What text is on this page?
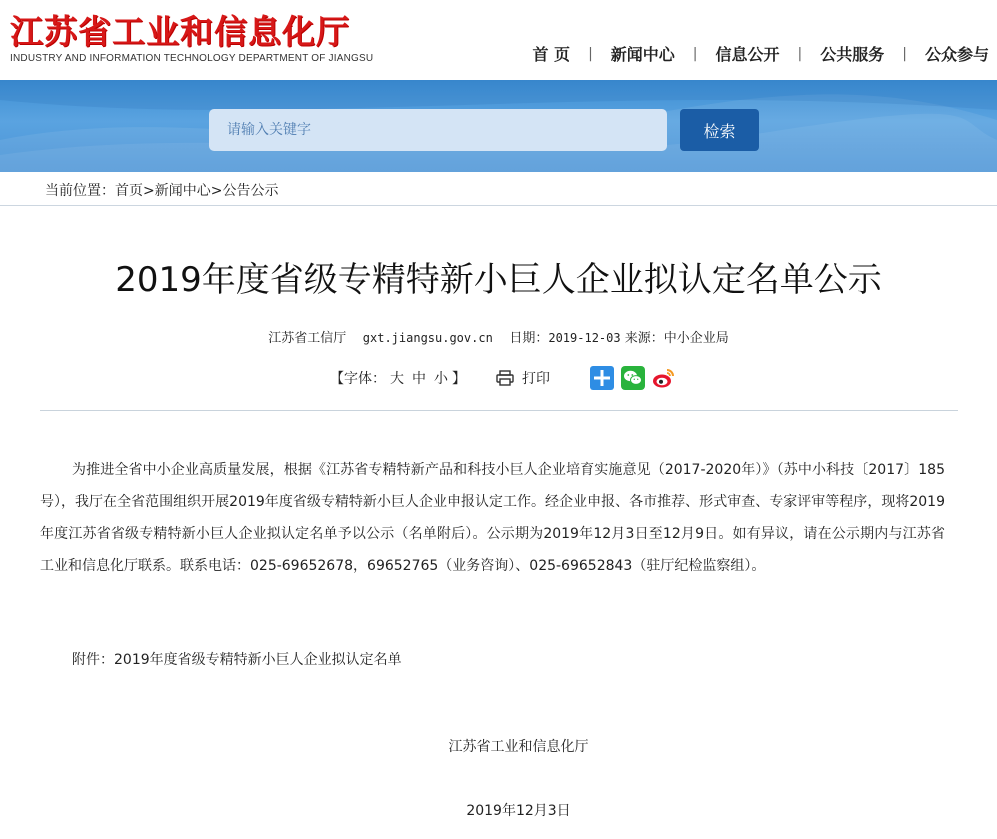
江苏省工业和信息化厅
INDUSTRY AND INFORMATION TECHNOLOGY DEPARTMENT OF JIANGSU	首 页 | 新闻中心 | 信息公开 | 公共服务 | 公众参与
请输入关键字
检索
当前位置：首页>新闻中心>公告公示
2019年度省级专精特新小巨人企业拟认定名单公示
江苏省工信厅 gxt.jiangsu.gov.cn 日期：2019-12-03 来源：中小企业局
【字体： 大 中 小 】	打印

为推进全省中小企业高质量发展，根据《江苏省专精特新产品和科技小巨人企业培育实施意见（2017-2020年）》（苏中小科技〔2017〕185号），我厅在全省范围组织开展2019年度省级专精特新小巨人企业申报认定工作。经企业申报、各市推荐、形式审查、专家评审等程序，现将2019年度江苏省省级专精特新小巨人企业拟认定名单予以公示（名单附后）。公示期为2019年12月3日至12月9日。如有异议，请在公示期内与江苏省工业和信息化厅联系。联系电话：025-69652678，69652765（业务咨询）、025-69652843（驻厅纪检监察组）。

附件：2019年度省级专精特新小巨人企业拟认定名单

江苏省工业和信息化厅

2019年12月3日
